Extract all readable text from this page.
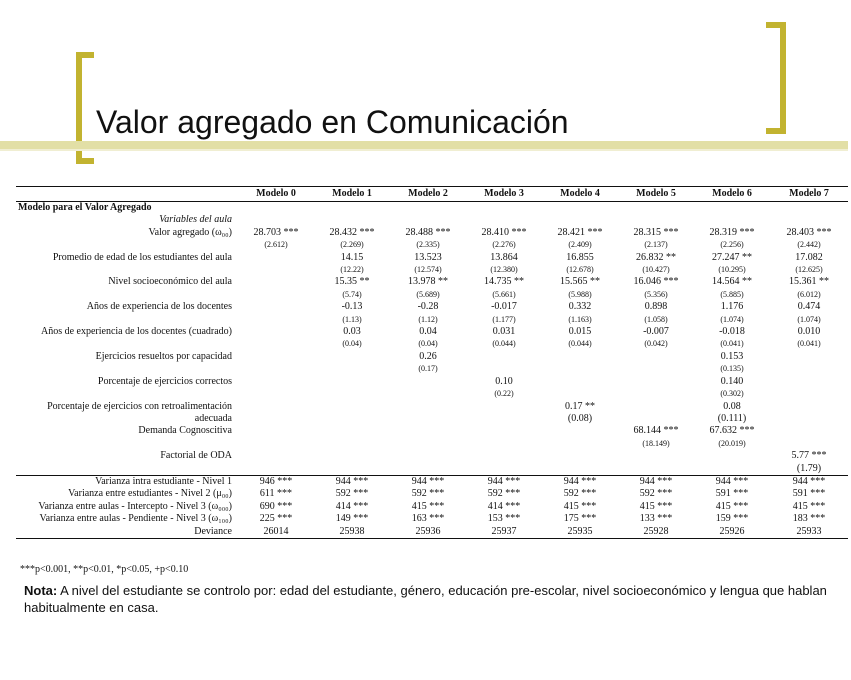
Valor agregado en Comunicación
	Modelo 0	Modelo 1	Modelo 2	Modelo 3	Modelo 4	Modelo 5	Modelo 6	Modelo 7
Modelo para el Valor Agregado								
Variables del aula								
Valor agregado (ω₀₀)	28.703 ***	28.432 ***	28.488 ***	28.410 ***	28.421 ***	28.315 ***	28.319 ***	28.403 ***
	(2.612)	(2.269)	(2.335)	(2.276)	(2.409)	(2.137)	(2.256)	(2.442)
Promedio de edad de los estudiantes del aula		14.15	13.523	13.864	16.855	26.832 **	27.247 **	17.082
		(12.22)	(12.574)	(12.380)	(12.678)	(10.427)	(10.295)	(12.625)
Nivel socioeconómico del aula		15.35 **	13.978 **	14.735 **	15.565 **	16.046 ***	14.564 **	15.361 **
		(5.74)	(5.689)	(5.661)	(5.988)	(5.356)	(5.885)	(6.012)
Años de experiencia de los docentes		-0.13	-0.28	-0.017	0.332	0.898	1.176	0.474
		(1.13)	(1.12)	(1.177)	(1.163)	(1.058)	(1.074)	(1.074)
Años de experiencia de los docentes (cuadrado)		0.03	0.04	0.031	0.015	-0.007	-0.018	0.010
		(0.04)	(0.04)	(0.044)	(0.044)	(0.042)	(0.041)	(0.041)
Ejercicios resueltos por capacidad			0.26				0.153	
			(0.17)				(0.135)	
Porcentaje de ejercicios correctos				0.10			0.140	
				(0.22)			(0.302)	
Porcentaje de ejercicios con retroalimentación					0.17 **		0.08	
adecuada					(0.08)		(0.111)	
Demanda Cognoscitiva						68.144 ***	67.632 ***	
						(18.149)	(20.019)	
Factorial de ODA								5.77 ***
								(1.79)
Varianza intra estudiante - Nivel 1	946 ***	944 ***	944 ***	944 ***	944 ***	944 ***	944 ***	944 ***
Varianza entre estudiantes - Nivel 2 (μ₀₀)	611 ***	592 ***	592 ***	592 ***	592 ***	592 ***	591 ***	591 ***
Varianza entre aulas - Intercepto - Nivel 3 (ω₀₀₀)	690 ***	414 ***	415 ***	414 ***	415 ***	415 ***	415 ***	415 ***
Varianza entre aulas - Pendiente - Nivel 3 (ω₁₀₀)	225 ***	149 ***	163 ***	153 ***	175 ***	133 ***	159 ***	183 ***
Deviance	26014	25938	25936	25937	25935	25928	25926	25933
***p<0.001, **p<0.01, *p<0.05, +p<0.10
Nota: A nivel del estudiante se controlo por: edad del estudiante, género, educación pre-escolar, nivel socioeconómico y lengua que hablan habitualmente en casa.
